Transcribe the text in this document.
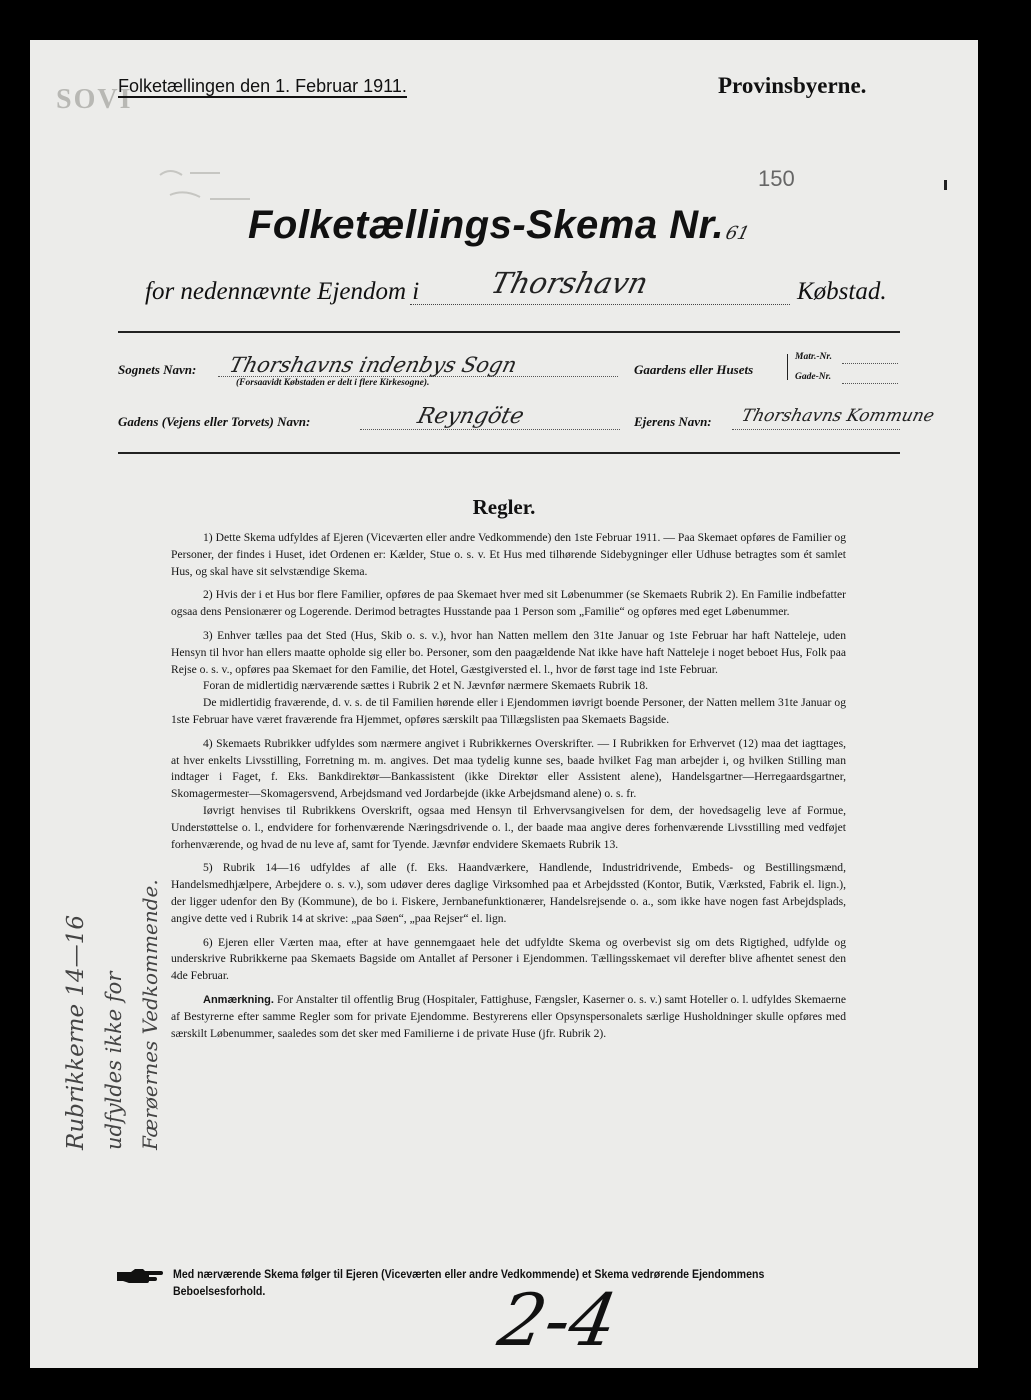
SOVI
Folketællingen den 1. Februar 1911.	Provinsbyerne.
150
Folketællings-Skema Nr. 61
for nedennævnte Ejendom i Thorshavn	Købstad.
Sognets Navn: Thorshavns indenbys Sogn
(Forsaavidt Købstaden er delt i flere Kirkesogne).
Gaardens eller Husets
Matr.-Nr.
Gade-Nr.
Gadens (Vejens eller Torvets) Navn:	Reyngöte	Ejerens Navn: Thorshavns Kommune
Regler.

1) Dette Skema udfyldes af Ejeren (Viceværten eller andre Vedkommende) den 1ste Februar 1911. — Paa Skemaet opføres de Familier og Personer, der findes i Huset, idet Ordenen er: Kælder, Stue o. s. v. Et Hus med tilhørende Sidebygninger eller Udhuse betragtes som ét samlet Hus, og skal have sit selvstændige Skema.

2) Hvis der i et Hus bor flere Familier, opføres de paa Skemaet hver med sit Løbenummer (se Skemaets Rubrik 2). En Familie indbefatter ogsaa dens Pensionærer og Logerende. Derimod betragtes Husstande paa 1 Person som „Familie“ og opføres med eget Løbenummer.

3) Enhver tælles paa det Sted (Hus, Skib o. s. v.), hvor han Natten mellem den 31te Januar og 1ste Februar har haft Natteleje, uden Hensyn til hvor han ellers maatte opholde sig eller bo. Personer, som den paagældende Nat ikke have haft Natteleje i noget beboet Hus, Folk paa Rejse o. s. v., opføres paa Skemaet for den Familie, det Hotel, Gæstgiversted el. l., hvor de først tage ind 1ste Februar.

Foran de midlertidig nærværende sættes i Rubrik 2 et N. Jævnfør nærmere Skemaets Rubrik 18.

De midlertidig fraværende, d. v. s. de til Familien hørende eller i Ejendommen iøvrigt boende Personer, der Natten mellem 31te Januar og 1ste Februar have været fraværende fra Hjemmet, opføres særskilt paa Tillægslisten paa Skemaets Bagside.

4) Skemaets Rubrikker udfyldes som nærmere angivet i Rubrikkernes Overskrifter. — I Rubrikken for Erhvervet (12) maa det iagttages, at hver enkelts Livsstilling, Forretning m. m. angives. Det maa tydelig kunne ses, baade hvilket Fag man arbejder i, og hvilken Stilling man indtager i Faget, f. Eks. Bankdirektør—Bankassistent (ikke Direktør eller Assistent alene), Handelsgartner—Herregaardsgartner, Skomagermester—Skomagersvend, Arbejdsmand ved Jordarbejde (ikke Arbejdsmand alene) o. s. fr.

Iøvrigt henvises til Rubrikkens Overskrift, ogsaa med Hensyn til Erhvervsangivelsen for dem, der hovedsagelig leve af Formue, Understøttelse o. l., endvidere for forhenværende Næringsdrivende o. l., der baade maa angive deres forhenværende Livsstilling med vedføjet forhenværende, og hvad de nu leve af, samt for Tyende. Jævnfør endvidere Skemaets Rubrik 13.

5) Rubrik 14—16 udfyldes af alle (f. Eks. Haandværkere, Handlende, Industridrivende, Embeds- og Bestillingsmænd, Handelsmedhjælpere, Arbejdere o. s. v.), som udøver deres daglige Virksomhed paa et Arbejdssted (Kontor, Butik, Værksted, Fabrik el. lign.), der ligger udenfor den By (Kommune), de bo i. Fiskere, Jernbanefunktionærer, Handelsrejsende o. a., som ikke have nogen fast Arbejdsplads, angive dette ved i Rubrik 14 at skrive: „paa Søen“, „paa Rejser“ el. lign.

6) Ejeren eller Værten maa, efter at have gennemgaaet hele det udfyldte Skema og overbevist sig om dets Rigtighed, udfylde og underskrive Rubrikkerne paa Skemaets Bagside om Antallet af Personer i Ejendommen. Tællingsskemaet vil derefter blive afhentet senest den 4de Februar.

Anmærkning. For Anstalter til offentlig Brug (Hospitaler, Fattighuse, Fængsler, Kaserner o. s. v.) samt Hoteller o. l. udfyldes Skemaerne af Bestyrerne efter samme Regler som for private Ejendomme. Bestyrerens eller Opsynspersonalets særlige Husholdninger skulle opføres med særskilt Løbenummer, saaledes som det sker med Familierne i de private Huse (jfr. Rubrik 2).

Rubrikkerne 14—16 udfyldes ikke for Færøernes Vedkommende.
Med nærværende Skema følger til Ejeren (Viceværten eller andre Vedkommende) et Skema vedrørende Ejendommens Beboelsesforhold.	2-4
